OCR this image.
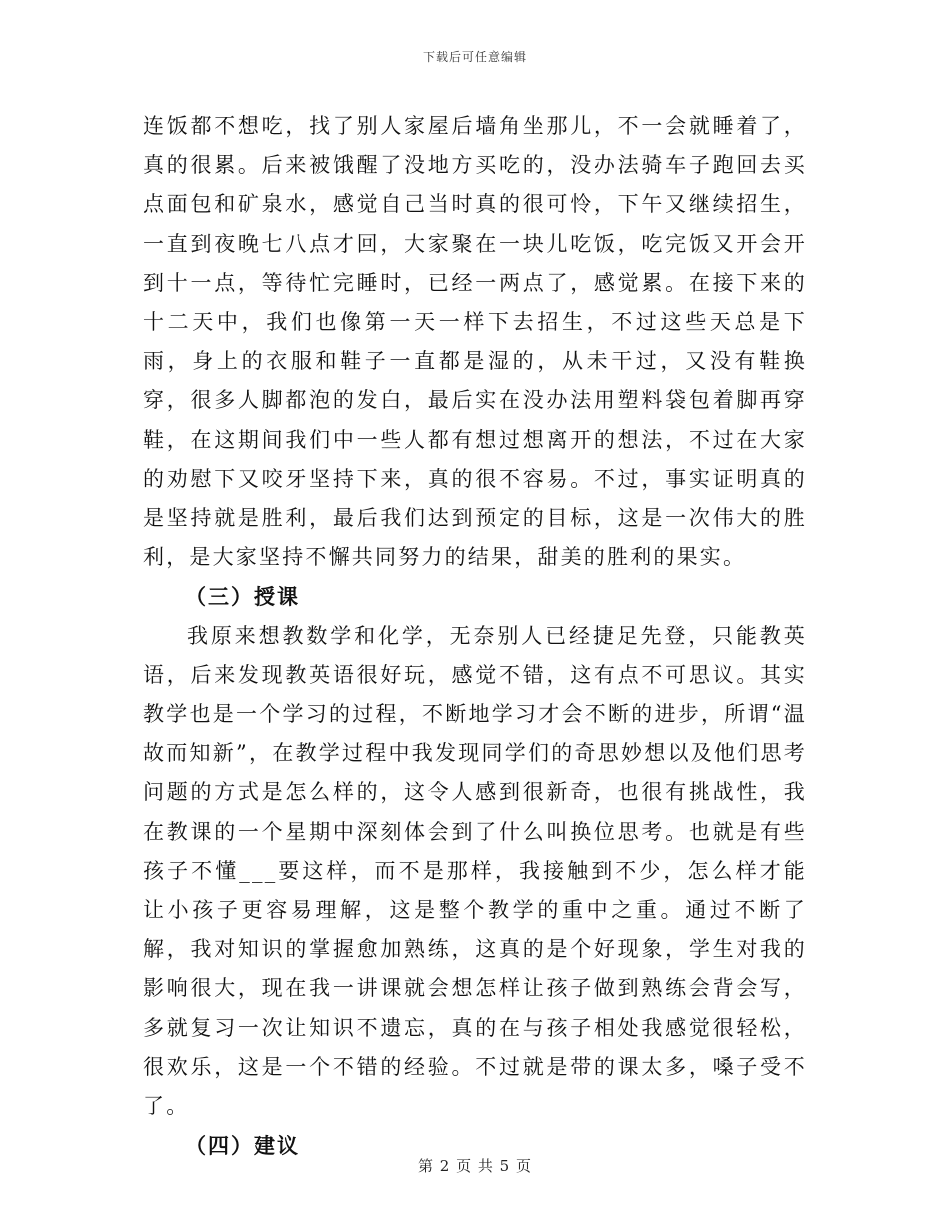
下载后可任意编辑

连饭都不想吃，找了别人家屋后墙角坐那儿，不一会就睡着了，真的很累。后来被饿醒了没地方买吃的，没办法骑车子跑回去买点面包和矿泉水，感觉自己当时真的很可怜，下午又继续招生，一直到夜晚七八点才回，大家聚在一块儿吃饭，吃完饭又开会开到十一点，等待忙完睡时，已经一两点了，感觉累。在接下来的十二天中，我们也像第一天一样下去招生，不过这些天总是下雨，身上的衣服和鞋子一直都是湿的，从未干过，又没有鞋换穿，很多人脚都泡的发白，最后实在没办法用塑料袋包着脚再穿鞋，在这期间我们中一些人都有想过想离开的想法，不过在大家的劝慰下又咬牙坚持下来，真的很不容易。不过，事实证明真的是坚持就是胜利，最后我们达到预定的目标，这是一次伟大的胜利，是大家坚持不懈共同努力的结果，甜美的胜利的果实。

（三）授课

我原来想教数学和化学，无奈别人已经捷足先登，只能教英语，后来发现教英语很好玩，感觉不错，这有点不可思议。其实教学也是一个学习的过程，不断地学习才会不断的进步，所谓“温故而知新”，在教学过程中我发现同学们的奇思妙想以及他们思考问题的方式是怎么样的，这令人感到很新奇，也很有挑战性，我在教课的一个星期中深刻体会到了什么叫换位思考。也就是有些孩子不懂___要这样，而不是那样，我接触到不少，怎么样才能让小孩子更容易理解，这是整个教学的重中之重。通过不断了解，我对知识的掌握愈加熟练，这真的是个好现象，学生对我的影响很大，现在我一讲课就会想怎样让孩子做到熟练会背会写，多就复习一次让知识不遗忘，真的在与孩子相处我感觉很轻松，很欢乐，这是一个不错的经验。不过就是带的课太多，嗓子受不了。

（四）建议

第 2 页 共 5 页
